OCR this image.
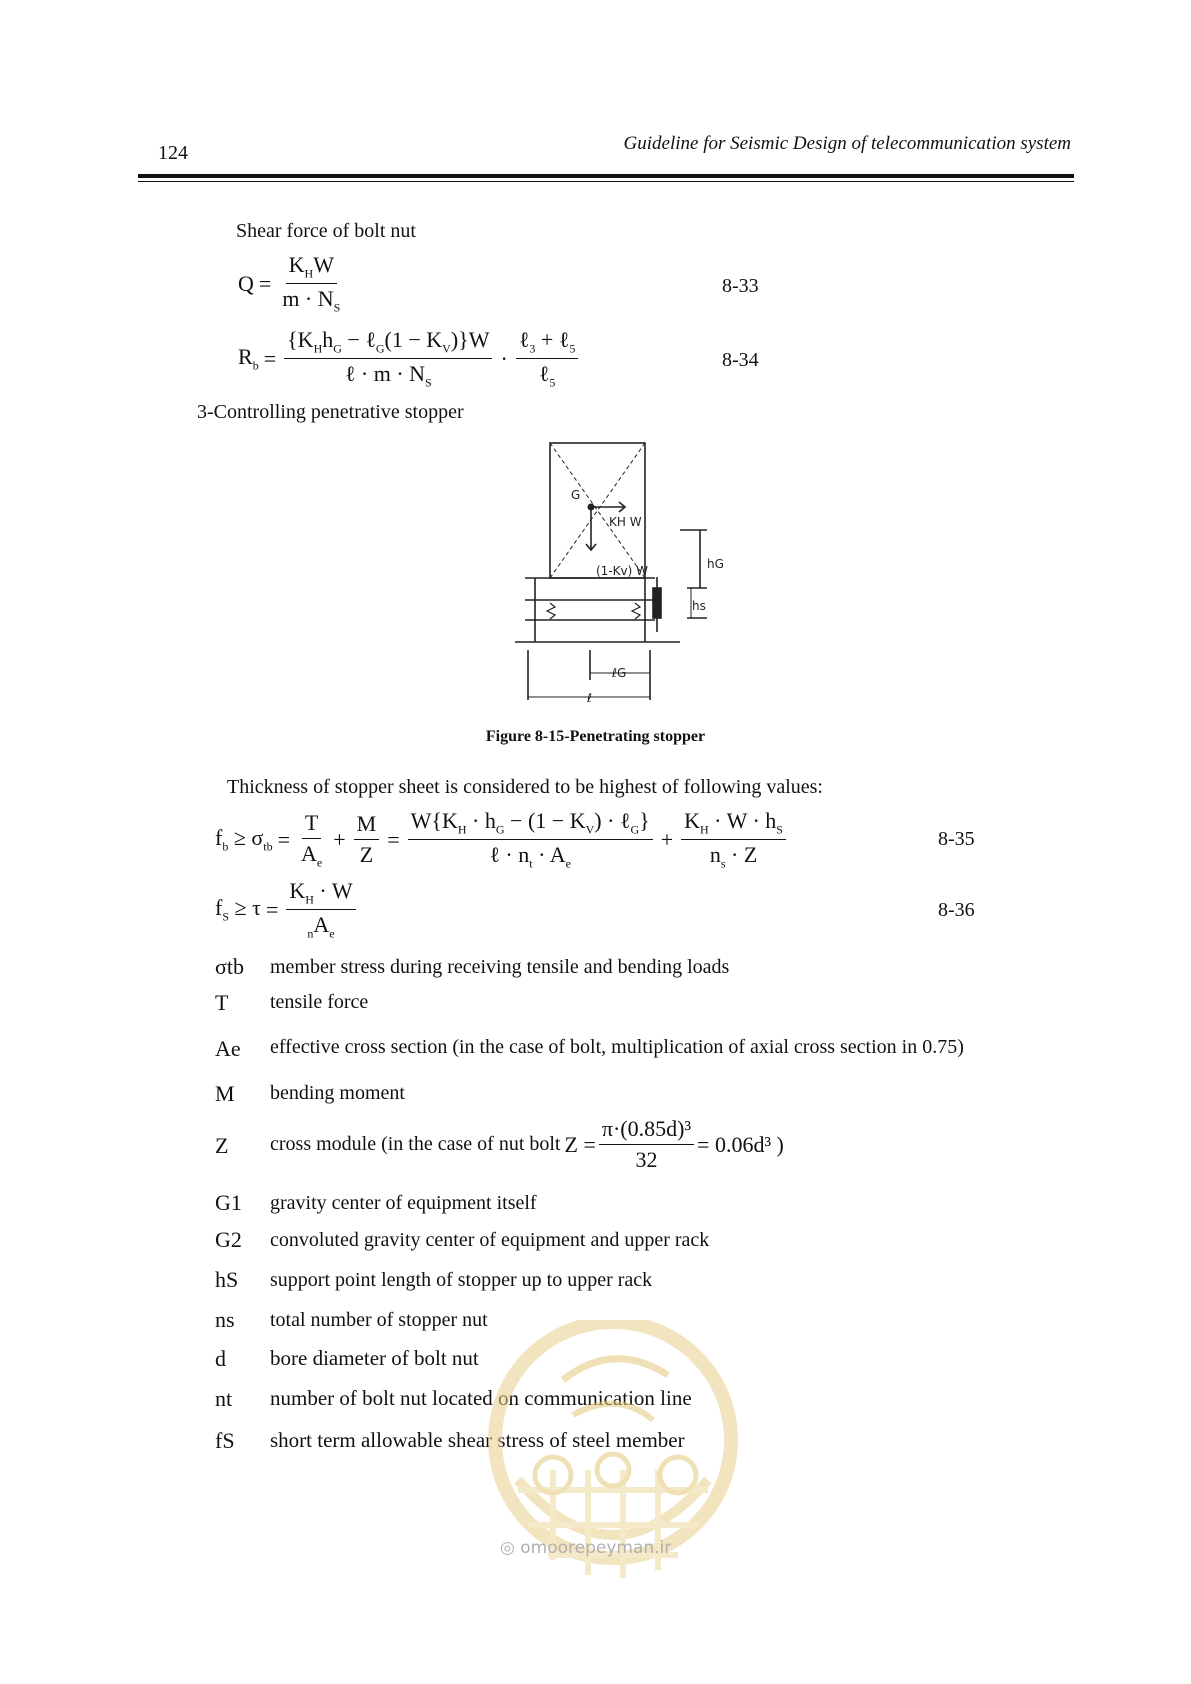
124	Guideline for Seismic Design of telecommunication system
Shear force of bolt nut
$Q = \frac{K_HW}{m \cdot N_S}$	8-33
$R_b = \frac{\{K_Hh_G - \ell_G(1 - K_V)\}W}{\ell \cdot m \cdot N_S} \cdot \frac{\ell_3 + \ell_5}{\ell_5}$	8-34
3-Controlling penetrative stopper
G
KH W
(1-Kv) W	hG
hs
ℓG
ℓ
Figure 8-15-Penetrating stopper
Thickness of stopper sheet is considered to be highest of following values:
$f_b \ge \sigma_{tb} = \frac{T}{A_e} + \frac{M}{Z} = \frac{W\{K_H \cdot h_G - (1 - K_V) \cdot \ell_G\}}{\ell \cdot n_t \cdot A_e} + \frac{K_H \cdot W \cdot h_S}{n_s \cdot Z}$	8-35
$f_S \ge \tau = \frac{K_H \cdot W}{_nA_e}$	8-36
σtb	member stress during receiving tensile and bending loads
T	tensile force
Ae	effective cross section (in the case of bolt, multiplication of axial cross section in 0.75)
M	bending moment
Z	cross module (in the case of nut bolt $Z = \frac{\text{π·(0.85d)³}}{32} = 0.06d^3$ )
G1	gravity center of equipment itself
G2	convoluted gravity center of equipment and upper rack
hS	support point length of stopper up to upper rack
ns	total number of stopper nut
d	bore diameter of bolt nut
nt	number of bolt nut located on communication line
fS	short term allowable shear stress of steel member
◎ omoorepeyman.ir
